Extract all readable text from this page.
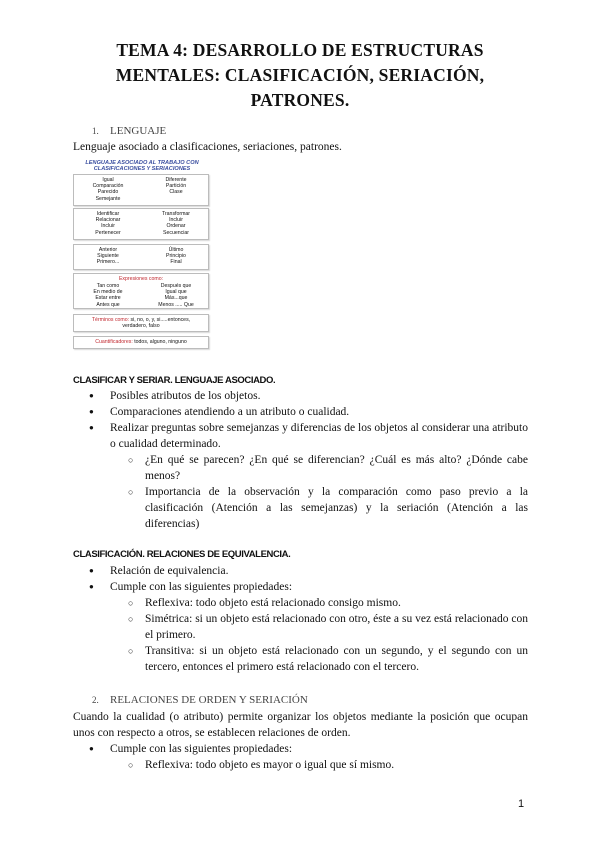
TEMA 4: DESARROLLO DE ESTRUCTURAS
MENTALES: CLASIFICACIÓN, SERIACIÓN,
PATRONES.
1. LENGUAJE
Lenguaje asociado a clasificaciones, seriaciones, patrones.
LENGUAJE ASOCIADO AL TRABAJO CON
CLASIFICACIONES Y SERIACIONES
Igual
Comparación
Parecido
Semejante
Diferente
Partición
Clase
Identificar
Relacionar
Incluir
Pertenecer
Transformar
Incluir
Ordenar
Secuenciar
Anterior
Siguiente
Primero...
Último
Principio
Final
Expresiones como:
Tan como
En medio de
Estar entre
Antes que
Después que
Igual que
Más...que
Menos ..... Que
Términos como: si, no, o, y, si.....entonces,
verdadero, falso
Cuantificadores: todos, alguno, ninguno
CLASIFICAR Y SERIAR. LENGUAJE ASOCIADO.
● Posibles atributos de los objetos.
● Comparaciones atendiendo a un atributo o cualidad.
● Realizar preguntas sobre semejanzas y diferencias de los objetos al considerar una atributo o cualidad determinado.
○ ¿En qué se parecen? ¿En qué se diferencian? ¿Cuál es más alto? ¿Dónde cabe menos?
○ Importancia de la observación y la comparación como paso previo a la clasificación (Atención a las semejanzas) y la seriación (Atención a las diferencias)
CLASIFICACIÓN. RELACIONES DE EQUIVALENCIA.
● Relación de equivalencia.
● Cumple con las siguientes propiedades:
○ Reflexiva: todo objeto está relacionado consigo mismo.
○ Simétrica: si un objeto está relacionado con otro, éste a su vez está relacionado con el primero.
○ Transitiva: si un objeto está relacionado con un segundo, y el segundo con un tercero, entonces el primero está relacionado con el tercero.
2. RELACIONES DE ORDEN Y SERIACIÓN
Cuando la cualidad (o atributo) permite organizar los objetos mediante la posición que ocupan unos con respecto a otros, se establecen relaciones de orden.
● Cumple con las siguientes propiedades:
○ Reflexiva: todo objeto es mayor o igual que sí mismo.
1
